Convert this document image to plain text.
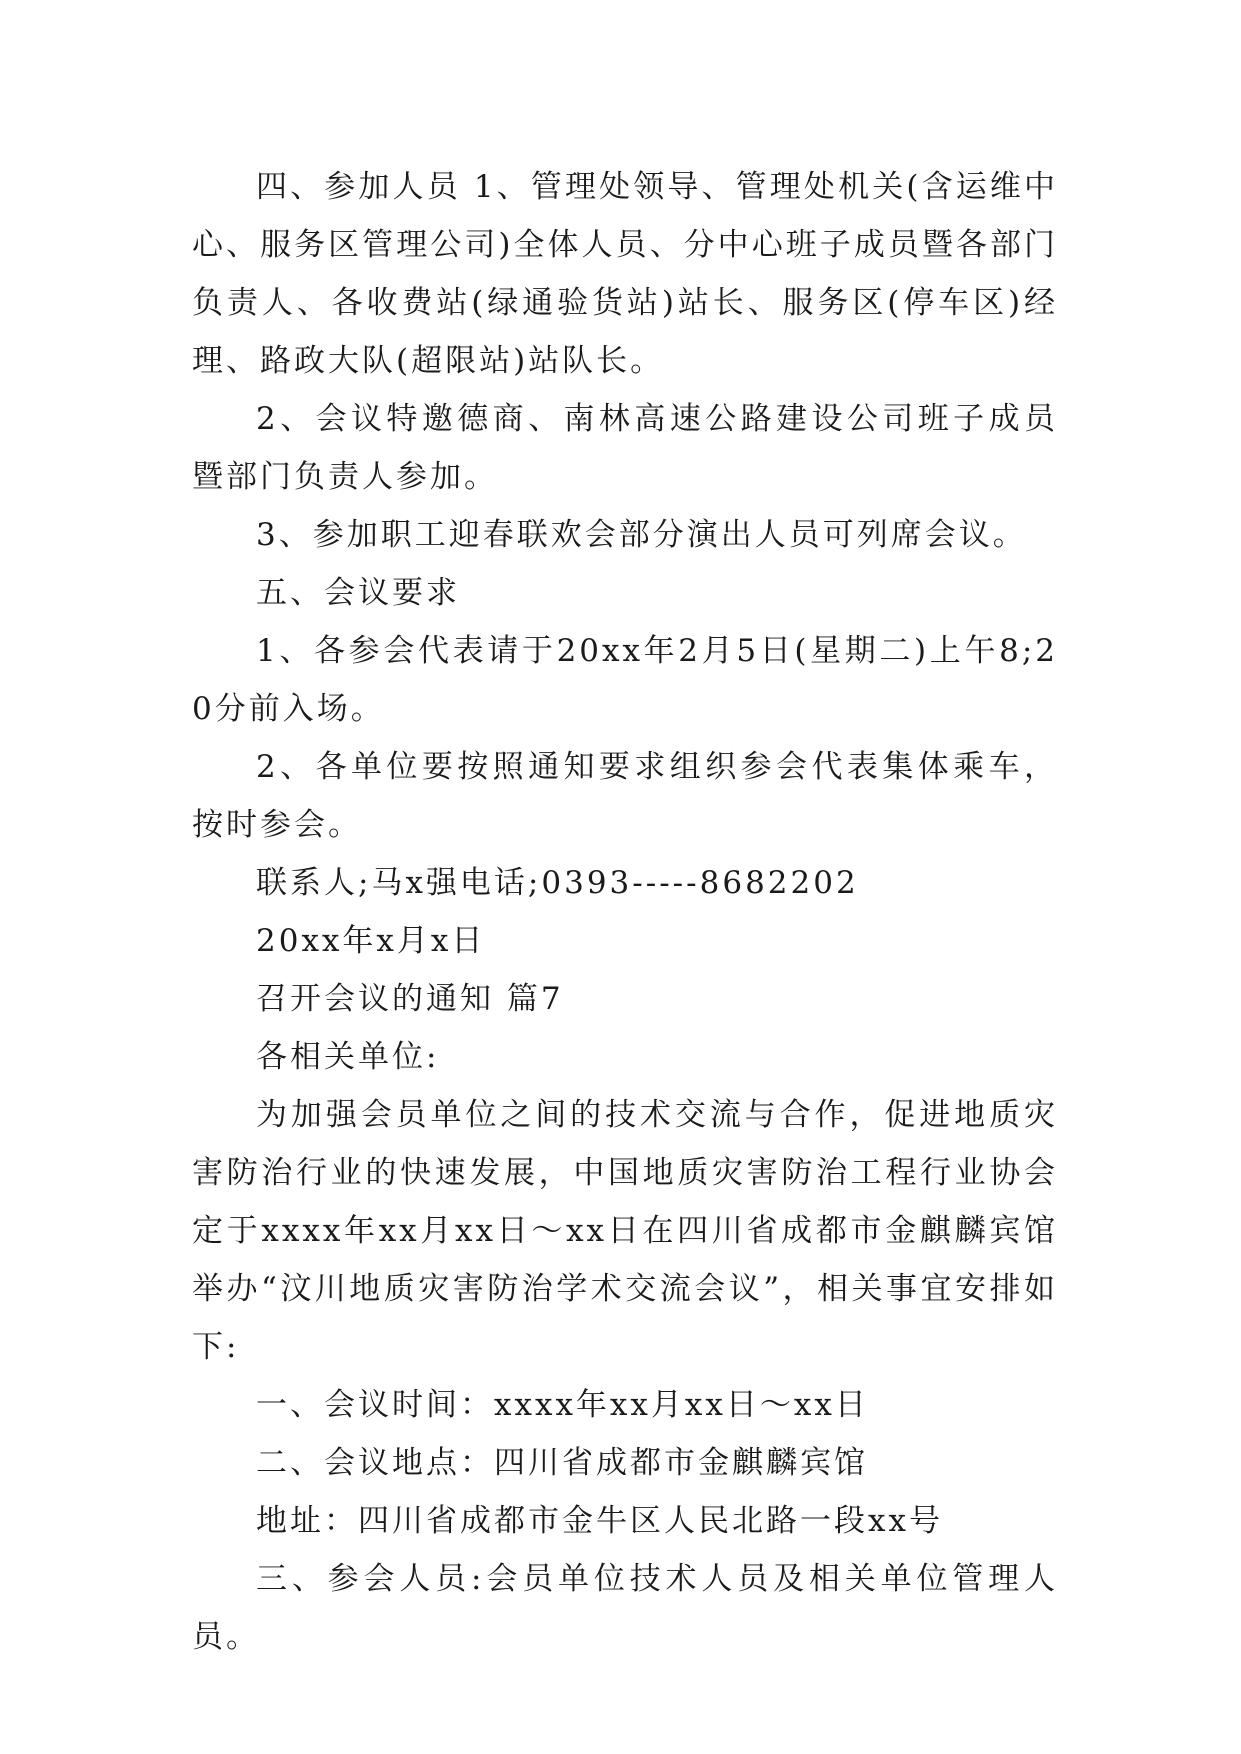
四、参加人员 1、管理处领导、管理处机关(含运维中心、服务区管理公司)全体人员、分中心班子成员暨各部门负责人、各收费站(绿通验货站)站长、服务区(停车区)经理、路政大队(超限站)站队长。

2、会议特邀德商、南林高速公路建设公司班子成员暨部门负责人参加。

3、参加职工迎春联欢会部分演出人员可列席会议。

五、会议要求

1、各参会代表请于20xx年2月5日(星期二)上午8;20分前入场。

2、各单位要按照通知要求组织参会代表集体乘车，按时参会。

联系人;马x强电话;0393-----8682202

20xx年x月x日

召开会议的通知 篇7

各相关单位:

为加强会员单位之间的技术交流与合作，促进地质灾害防治行业的快速发展，中国地质灾害防治工程行业协会定于xxxx年xx月xx日～xx日在四川省成都市金麒麟宾馆举办“汶川地质灾害防治学术交流会议”，相关事宜安排如下:

一、会议时间：xxxx年xx月xx日～xx日

二、会议地点：四川省成都市金麒麟宾馆

地址：四川省成都市金牛区人民北路一段xx号

三、参会人员:会员单位技术人员及相关单位管理人员。
